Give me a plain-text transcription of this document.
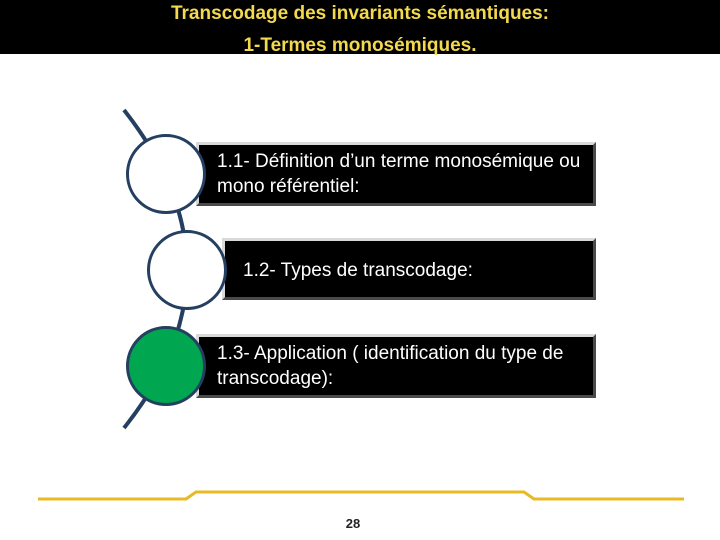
Transcodage des invariants sémantiques:
1-Termes monosémiques.
1.1- Définition d’un terme monosémique ou mono référentiel:
1.2- Types de transcodage:
1.3- Application ( identification du type de transcodage):
28
